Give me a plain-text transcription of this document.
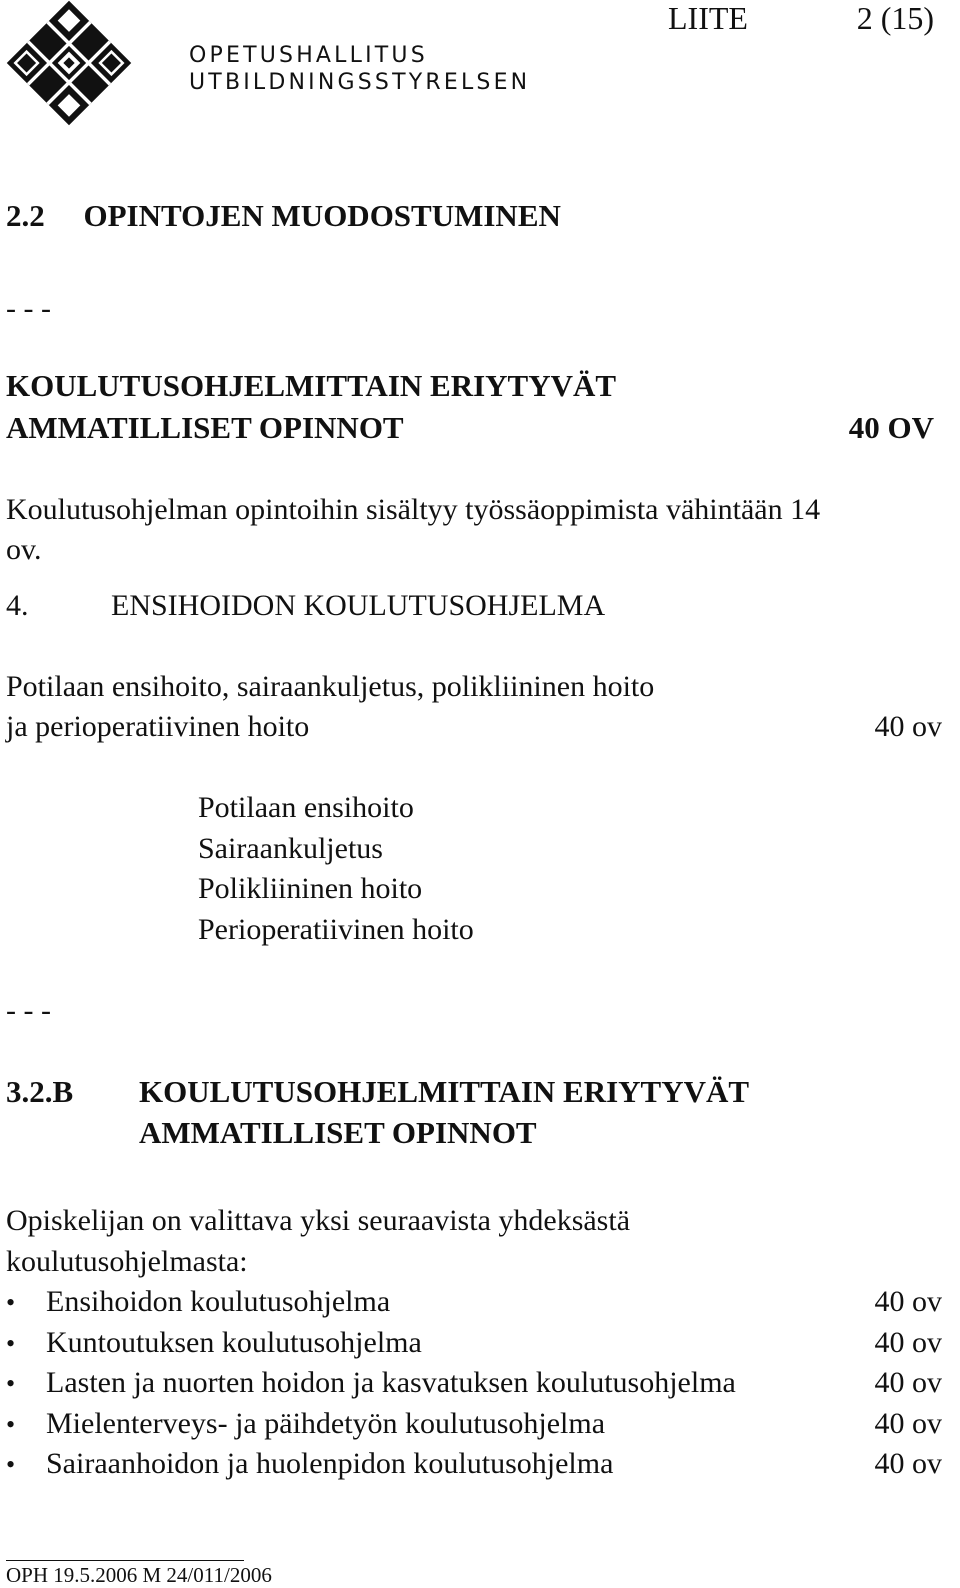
OPETUSHALLITUS
UTBILDNINGSSTYRELSEN
LIITE	2 (15)
2.2     OPINTOJEN MUODOSTUMINEN
- - -
KOULUTUSOHJELMITTAIN ERIYTYVÄT
AMMATILLISET OPINNOT	40 OV
Koulutusohjelman opintoihin sisältyy työssäoppimista vähintään 14
ov.
4.	ENSIHOIDON KOULUTUSOHJELMA
Potilaan ensihoito, sairaankuljetus, polikliininen hoito
ja perioperatiivinen hoito	40 ov
Potilaan ensihoito
Sairaankuljetus
Polikliininen hoito
Perioperatiivinen hoito
- - -
3.2.B KOULUTUSOHJELMITTAIN ERIYTYVÄT
AMMATILLISET OPINNOT
Opiskelijan on valittava yksi seuraavista yhdeksästä
koulutusohjelmasta:
• Ensihoidon koulutusohjelma	40 ov
• Kuntoutuksen koulutusohjelma	40 ov
• Lasten ja nuorten hoidon ja kasvatuksen koulutusohjelma	40 ov
• Mielenterveys- ja päihdetyön koulutusohjelma	40 ov
• Sairaanhoidon ja huolenpidon koulutusohjelma	40 ov
OPH 19.5.2006 M 24/011/2006
